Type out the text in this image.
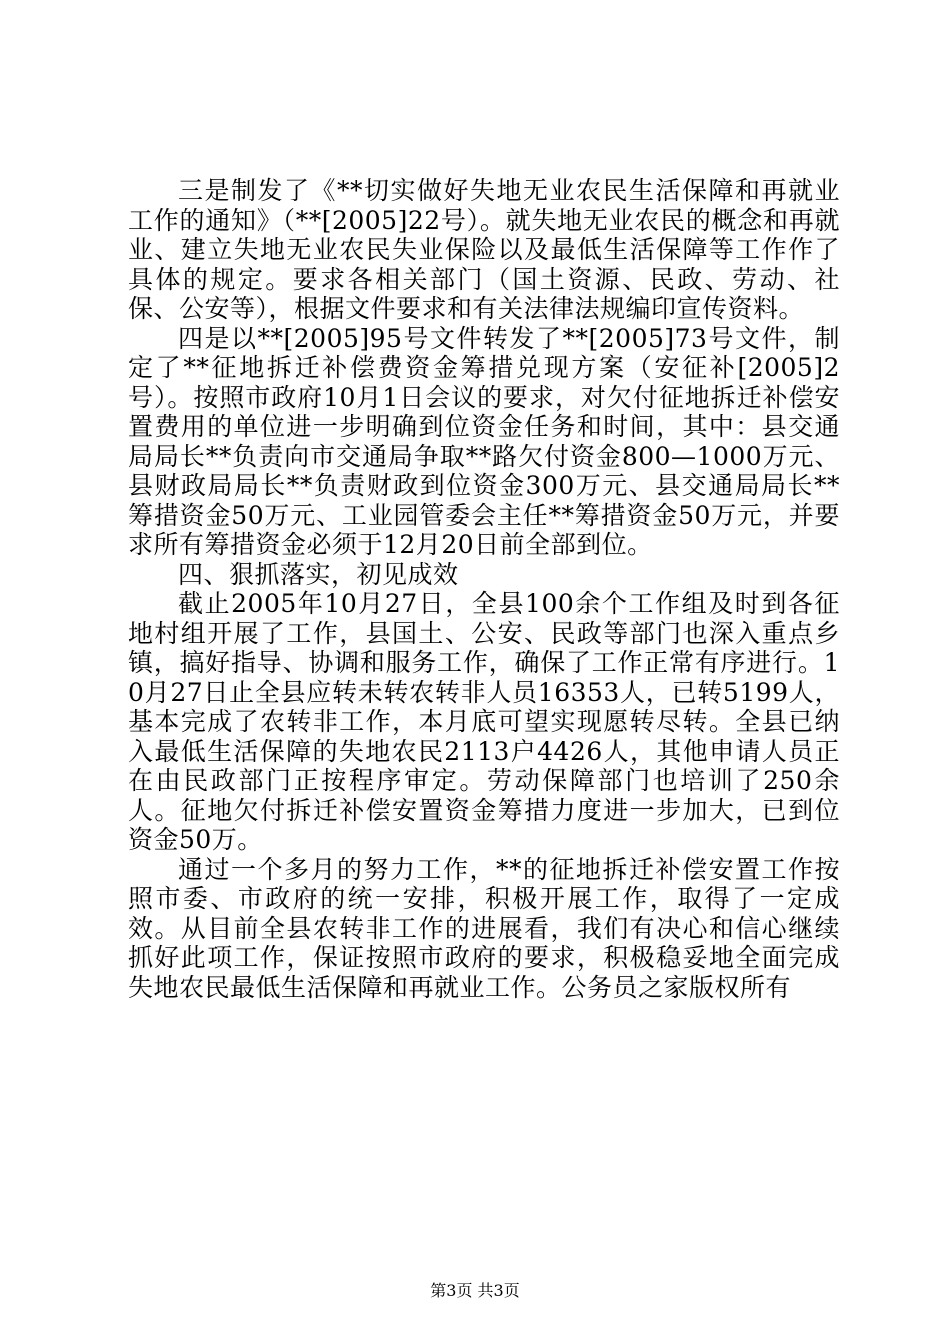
三是制发了《**切实做好失地无业农民生活保障和再就业工作的通知》（**[2005]22号）。就失地无业农民的概念和再就业、建立失地无业农民失业保险以及最低生活保障等工作作了具体的规定。要求各相关部门（国土资源、民政、劳动、社保、公安等），根据文件要求和有关法律法规编印宣传资料。

四是以**[2005]95号文件转发了**[2005]73号文件，制定了**征地拆迁补偿费资金筹措兑现方案（安征补[2005]2号）。按照市政府10月1日会议的要求，对欠付征地拆迁补偿安置费用的单位进一步明确到位资金任务和时间，其中：县交通局局长**负责向市交通局争取**路欠付资金800—1000万元、县财政局局长**负责财政到位资金300万元、县交通局局长**筹措资金50万元、工业园管委会主任**筹措资金50万元，并要求所有筹措资金必须于12月20日前全部到位。

四、狠抓落实，初见成效

截止2005年10月27日，全县100余个工作组及时到各征地村组开展了工作，县国土、公安、民政等部门也深入重点乡镇，搞好指导、协调和服务工作，确保了工作正常有序进行。10月27日止全县应转未转农转非人员16353人，已转5199人，基本完成了农转非工作，本月底可望实现愿转尽转。全县已纳入最低生活保障的失地农民2113户4426人，其他申请人员正在由民政部门正按程序审定。劳动保障部门也培训了250余人。征地欠付拆迁补偿安置资金筹措力度进一步加大，已到位资金50万。

通过一个多月的努力工作，**的征地拆迁补偿安置工作按照市委、市政府的统一安排，积极开展工作，取得了一定成效。从目前全县农转非工作的进展看，我们有决心和信心继续抓好此项工作，保证按照市政府的要求，积极稳妥地全面完成失地农民最低生活保障和再就业工作。公务员之家版权所有

第3页 共3页
